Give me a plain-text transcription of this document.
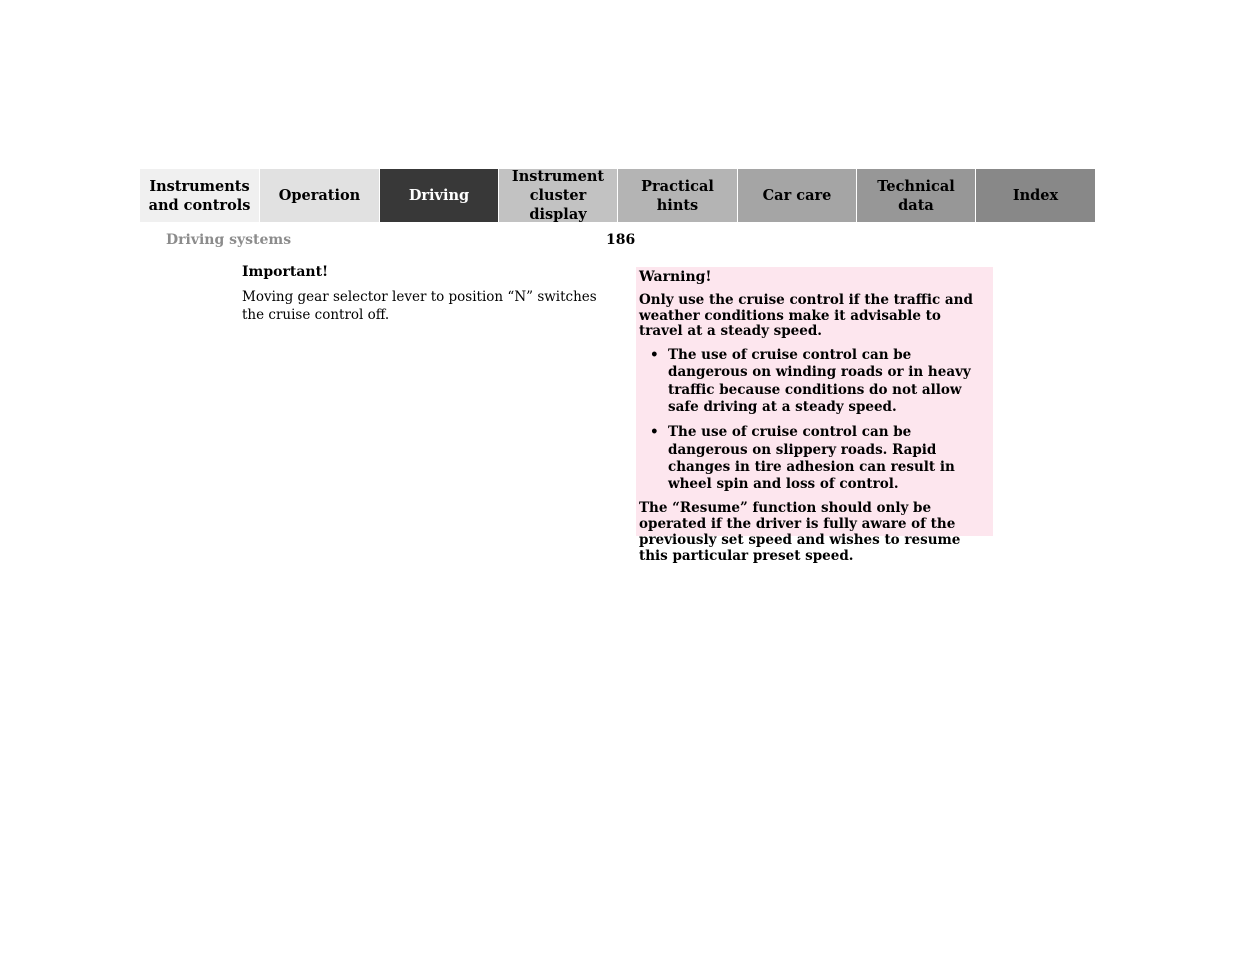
Instruments
and controls
Operation	Driving
Instrument
cluster display
Practical hints
Car care
Technical
data
Index
Driving systems	186
Important!

Moving gear selector lever to position “N” switches the cruise control off.

Warning!

Only use the cruise control if the traffic and weather conditions make it advisable to travel at a steady speed.

• The use of cruise control can be dangerous on winding roads or in heavy traffic because conditions do not allow safe driving at a steady speed.
• The use of cruise control can be dangerous on slippery roads. Rapid changes in tire adhesion can result in wheel spin and loss of control.

The “Resume” function should only be operated if the driver is fully aware of the previously set speed and wishes to resume this particular preset speed.
